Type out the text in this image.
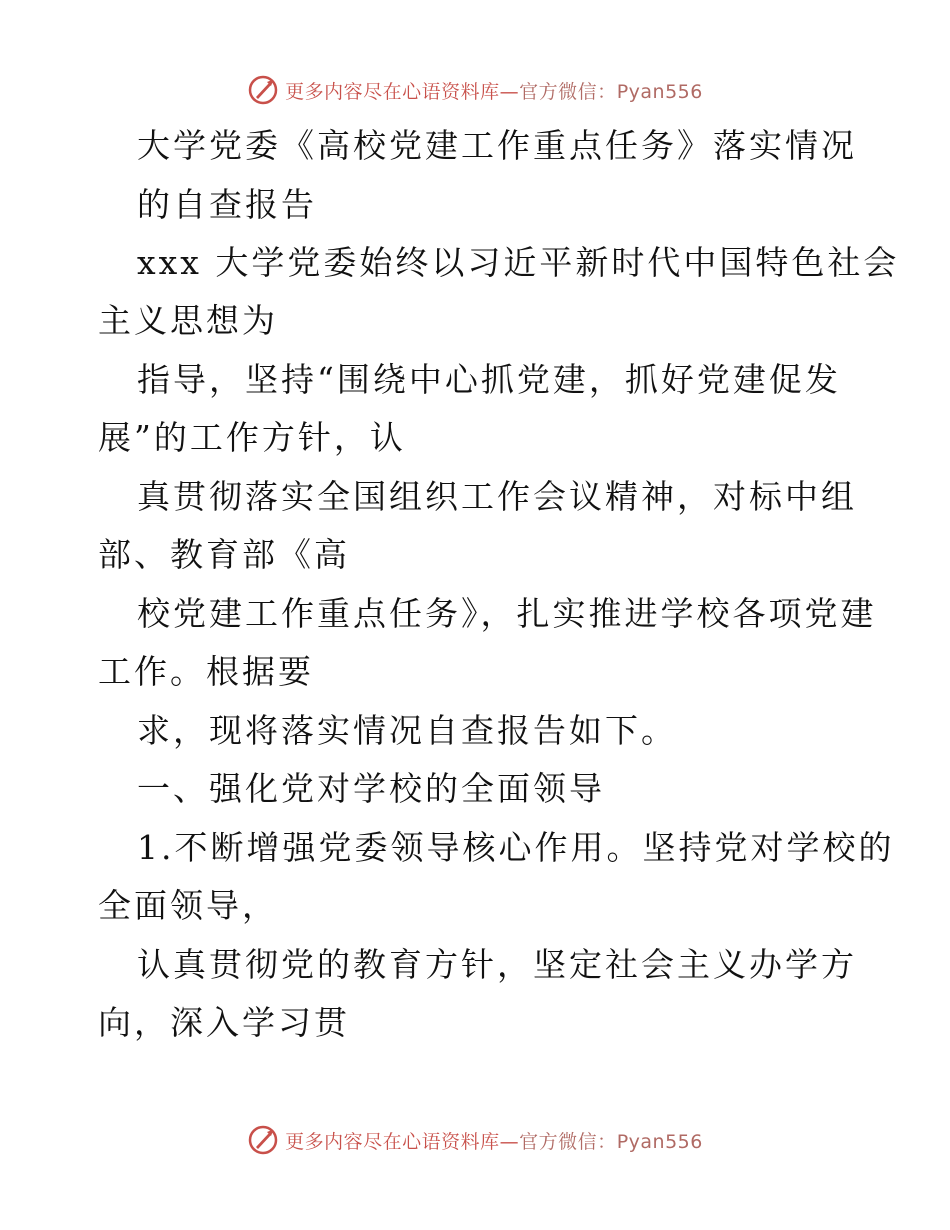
更多内容尽在心语资料库—官方微信：Pyan556
大学党委《高校党建工作重点任务》落实情况
的自查报告
xxx 大学党委始终以习近平新时代中国特色社会
主义思想为
指导，坚持“围绕中心抓党建，抓好党建促发
展”的工作方针，认
真贯彻落实全国组织工作会议精神，对标中组
部、教育部《高
校党建工作重点任务》，扎实推进学校各项党建
工作。根据要
求，现将落实情况自查报告如下。
一、强化党对学校的全面领导
1.不断增强党委领导核心作用。坚持党对学校的
全面领导，
认真贯彻党的教育方针，坚定社会主义办学方
向，深入学习贯
更多内容尽在心语资料库—官方微信：Pyan556
